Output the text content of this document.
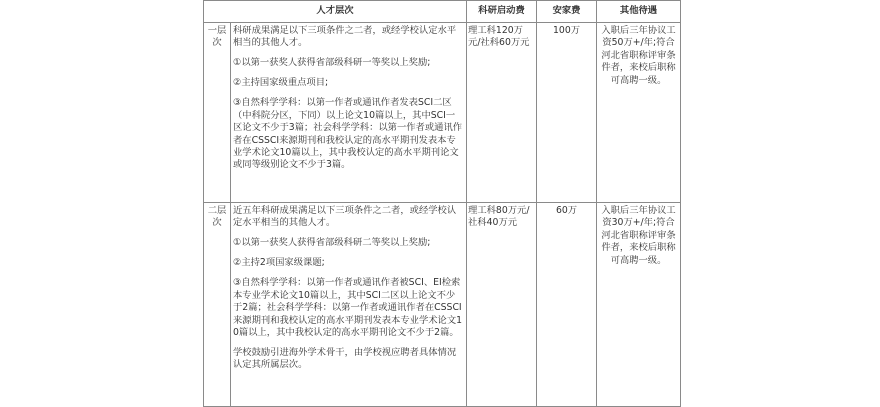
人才层次		科研启动费	安家费	其他待遇
一层次	科研成果满足以下三项条件之二者，或经学校认定水平相当的其他人才。

①以第一获奖人获得省部级科研一等奖以上奖励;

②主持国家级重点项目;

③自然科学学科：以第一作者或通讯作者发表SCI二区（中科院分区，下同）以上论文10篇以上，其中SCI一区论文不少于3篇；社会科学学科：以第一作者或通讯作者在CSSCI来源期刊和我校认定的高水平期刊发表本专业学术论文10篇以上，其中我校认定的高水平期刊论文或同等级别论文不少于3篇。	理工科120万元/社科60万元	100万	入职后三年协议工资50万+/年;符合河北省职称评审条件者，来校后职称可高聘一级。
二层次	近五年科研成果满足以下三项条件之二者，或经学校认定水平相当的其他人才。

①以第一获奖人获得省部级科研二等奖以上奖励;

②主持2项国家级课题;

③自然科学学科：以第一作者或通讯作者被SCI、EI检索本专业学术论文10篇以上，其中SCI二区以上论文不少于2篇；社会科学学科：以第一作者或通讯作者在CSSCI来源期刊和我校认定的高水平期刊发表本专业学术论文10篇以上，其中我校认定的高水平期刊论文不少于2篇。

学校鼓励引进海外学术骨干，由学校视应聘者具体情况认定其所属层次。	理工科80万元/社科40万元	60万	入职后三年协议工资30万+/年;符合河北省职称评审条件者，来校后职称可高聘一级。
